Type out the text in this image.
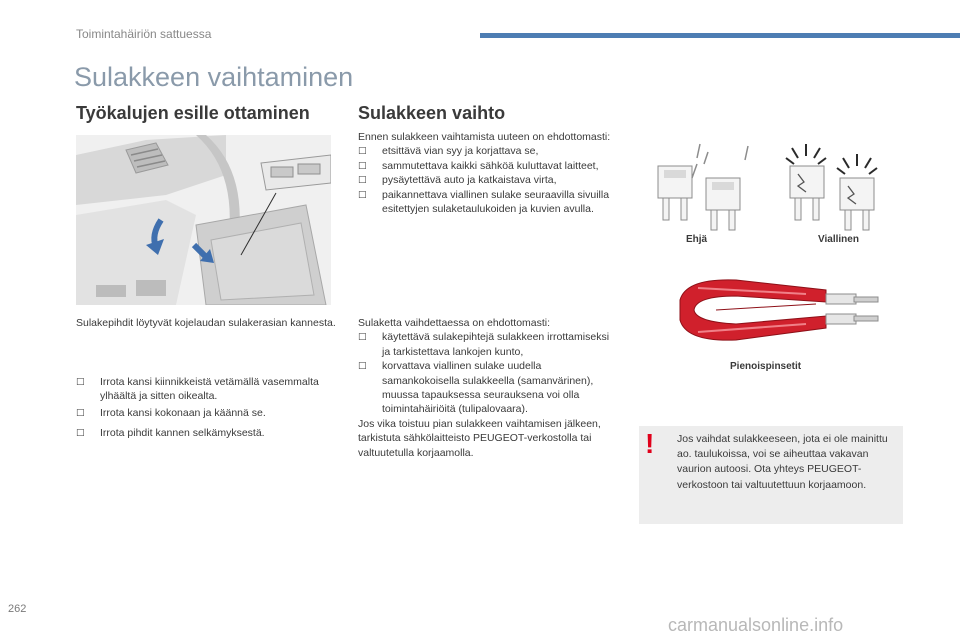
Toimintahäiriön sattuessa
Sulakkeen vaihtaminen
Työkalujen esille ottaminen
Sulakepihdit löytyvät kojelaudan sulakerasian kannesta.
□ Irrota kansi kiinnikkeistä vetämällä vasemmalta ylhäältä ja sitten oikealta.
□ Irrota kansi kokonaan ja käännä se.
□ Irrota pihdit kannen selkämyksestä.
Sulakkeen vaihto
Ennen sulakkeen vaihtamista uuteen on ehdottomasti:
□ etsittävä vian syy ja korjattava se,
□ sammutettava kaikki sähköä kuluttavat laitteet,
□ pysäytettävä auto ja katkaistava virta,
□ paikannettava viallinen sulake seuraavilla sivuilla esitettyjen sulaketaulukoiden ja kuvien avulla.
Sulaketta vaihdettaessa on ehdottomasti:
□ käytettävä sulakepihtejä sulakkeen irrottamiseksi ja tarkistettava lankojen kunto,
□ korvattava viallinen sulake uudella samankokoisella sulakkeella (samanvärinen), muussa tapauksessa seurauksena voi olla toimintahäiriöitä (tulipalovaara).
Jos vika toistuu pian sulakkeen vaihtamisen jälkeen, tarkistuta sähkölaitteisto PEUGEOT-verkostolla tai valtuutetulla korjaamolla.
Ehjä	Viallinen
Pienoispinsetit
! Jos vaihdat sulakkeeseen, jota ei ole mainittu ao. taulukoissa, voi se aiheuttaa vakavan vaurion autoosi. Ota yhteys PEUGEOT-verkostoon tai valtuutettuun korjaamoon.
262
carmanualsonline.info
